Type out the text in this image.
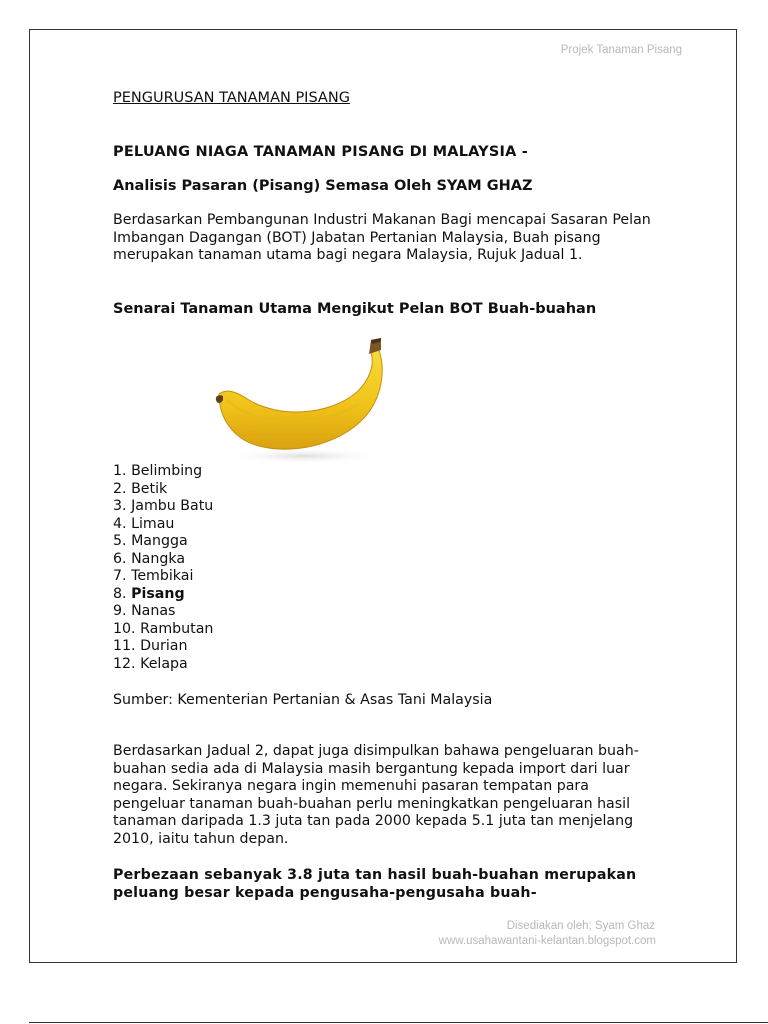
Projek Tanaman Pisang
PENGURUSAN TANAMAN PISANG
PELUANG NIAGA TANAMAN PISANG DI MALAYSIA -
Analisis Pasaran (Pisang) Semasa Oleh SYAM GHAZ

Berdasarkan Pembangunan Industri Makanan Bagi mencapai Sasaran Pelan Imbangan Dagangan (BOT) Jabatan Pertanian Malaysia, Buah pisang merupakan tanaman utama bagi negara Malaysia, Rujuk Jadual 1.

Senarai Tanaman Utama Mengikut Pelan BOT Buah-buahan
1. Belimbing
2. Betik
3. Jambu Batu
4. Limau
5. Mangga
6. Nangka
7. Tembikai
8. Pisang
9. Nanas
10. Rambutan
11. Durian
12. Kelapa
Sumber: Kementerian Pertanian & Asas Tani Malaysia

Berdasarkan Jadual 2, dapat juga disimpulkan bahawa pengeluaran buah-buahan sedia ada di Malaysia masih bergantung kepada import dari luar negara. Sekiranya negara ingin memenuhi pasaran tempatan para pengeluar tanaman buah-buahan perlu meningkatkan pengeluaran hasil tanaman daripada 1.3 juta tan pada 2000 kepada 5.1 juta tan menjelang 2010, iaitu tahun depan.

Perbezaan sebanyak 3.8 juta tan hasil buah-buahan merupakan peluang besar kepada pengusaha-pengusaha buah-

Disediakan oleh; Syam Ghaz
www.usahawantani-kelantan.blogspot.com
